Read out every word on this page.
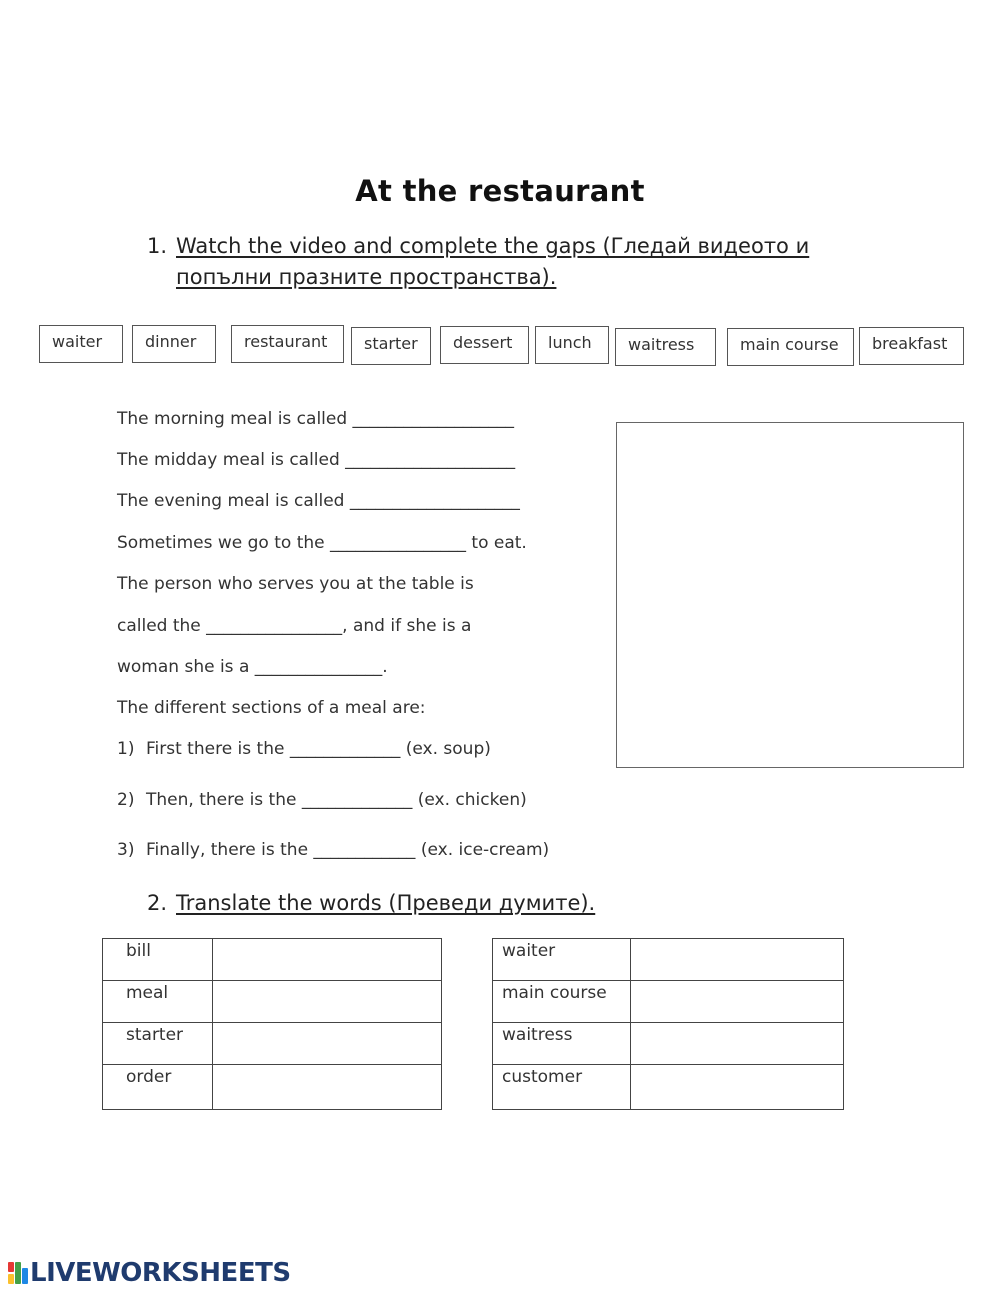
At the restaurant
1. Watch the video and complete the gaps (Гледай видеото и
попълни празните пространства).
waiter	dinner	restaurant	starter	dessert	lunch	waitress	main course	breakfast
The morning meal is called ___________________
The midday meal is called ____________________
The evening meal is called ____________________
Sometimes we go to the ________________ to eat.
The person who serves you at the table is
called the ________________, and if she is a
woman she is a _______________.
The different sections of a meal are:
1) First there is the _____________ (ex. soup)
2) Then, there is the _____________ (ex. chicken)
3) Finally, there is the ____________ (ex. ice-cream)
2. Translate the words (Преведи думите).
bill	
meal	
starter	
order	
waiter	
main course	
waitress	
customer	
LIVEWORKSHEETS
